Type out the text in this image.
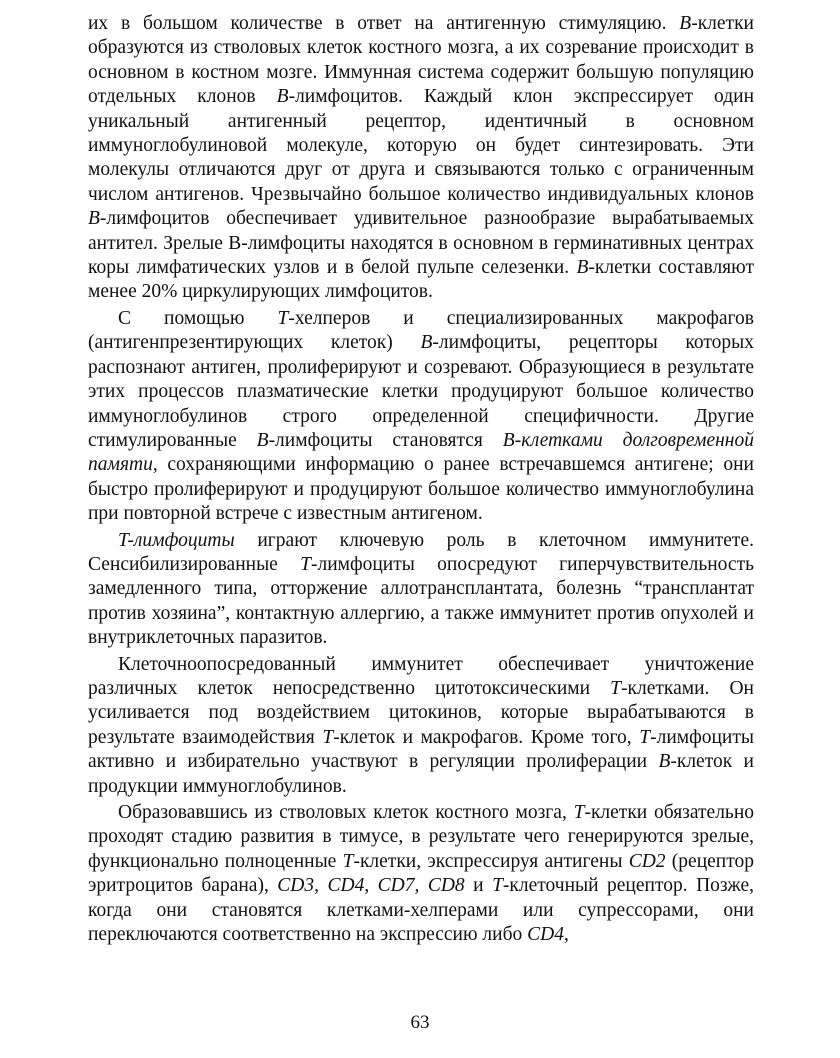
их в большом количестве в ответ на антигенную стимуляцию. B-клетки образуются из стволовых клеток костного мозга, а их созревание происходит в основном в костном мозге. Иммунная система содержит большую популяцию отдельных клонов B-лимфоцитов. Каждый клон экспрессирует один уникальный антигенный рецептор, идентичный в основном иммуноглобулиновой молекуле, которую он будет синтезировать. Эти молекулы отличаются друг от друга и связываются только с ограниченным числом антигенов. Чрезвычайно большое количество индивидуальных клонов B-лимфоцитов обеспечивает удивительное разнообразие вырабатываемых антител. Зрелые В-лимфоциты находятся в основном в герминативных центрах коры лимфатических узлов и в белой пульпе селезенки. B-клетки составляют менее 20% циркулирующих лимфоцитов.

С помощью T-хелперов и специализированных макрофагов (антигенпрезентирующих клеток) B-лимфоциты, рецепторы которых распознают антиген, пролиферируют и созревают. Образующиеся в результате этих процессов плазматические клетки продуцируют большое количество иммуноглобулинов строго определенной специфичности. Другие стимулированные B-лимфоциты становятся B-клетками долговременной памяти, сохраняющими информацию о ранее встречавшемся антигене; они быстро пролиферируют и продуцируют большое количество иммуноглобулина при повторной встрече с известным антигеном.

T-лимфоциты играют ключевую роль в клеточном иммунитете. Сенсибилизированные T-лимфоциты опосредуют гиперчувствительность замедленного типа, отторжение аллотрансплантата, болезнь “трансплантат против хозяина”, контактную аллергию, а также иммунитет против опухолей и внутриклеточных паразитов.

Клеточноопосредованный иммунитет обеспечивает уничтожение различных клеток непосредственно цитотоксическими T-клетками. Он усиливается под воздействием цитокинов, которые вырабатываются в результате взаимодействия T-клеток и макрофагов. Кроме того, T-лимфоциты активно и избирательно участвуют в регуляции пролиферации B-клеток и продукции иммуноглобулинов.

Образовавшись из стволовых клеток костного мозга, T-клетки обязательно проходят стадию развития в тимусе, в результате чего генерируются зрелые, функционально полноценные T-клетки, экспрессируя антигены CD2 (рецептор эритроцитов барана), CD3, CD4, CD7, CD8 и T-клеточный рецептор. Позже, когда они становятся клетками-хелперами или супрессорами, они переключаются соответственно на экспрессию либо CD4,

63
